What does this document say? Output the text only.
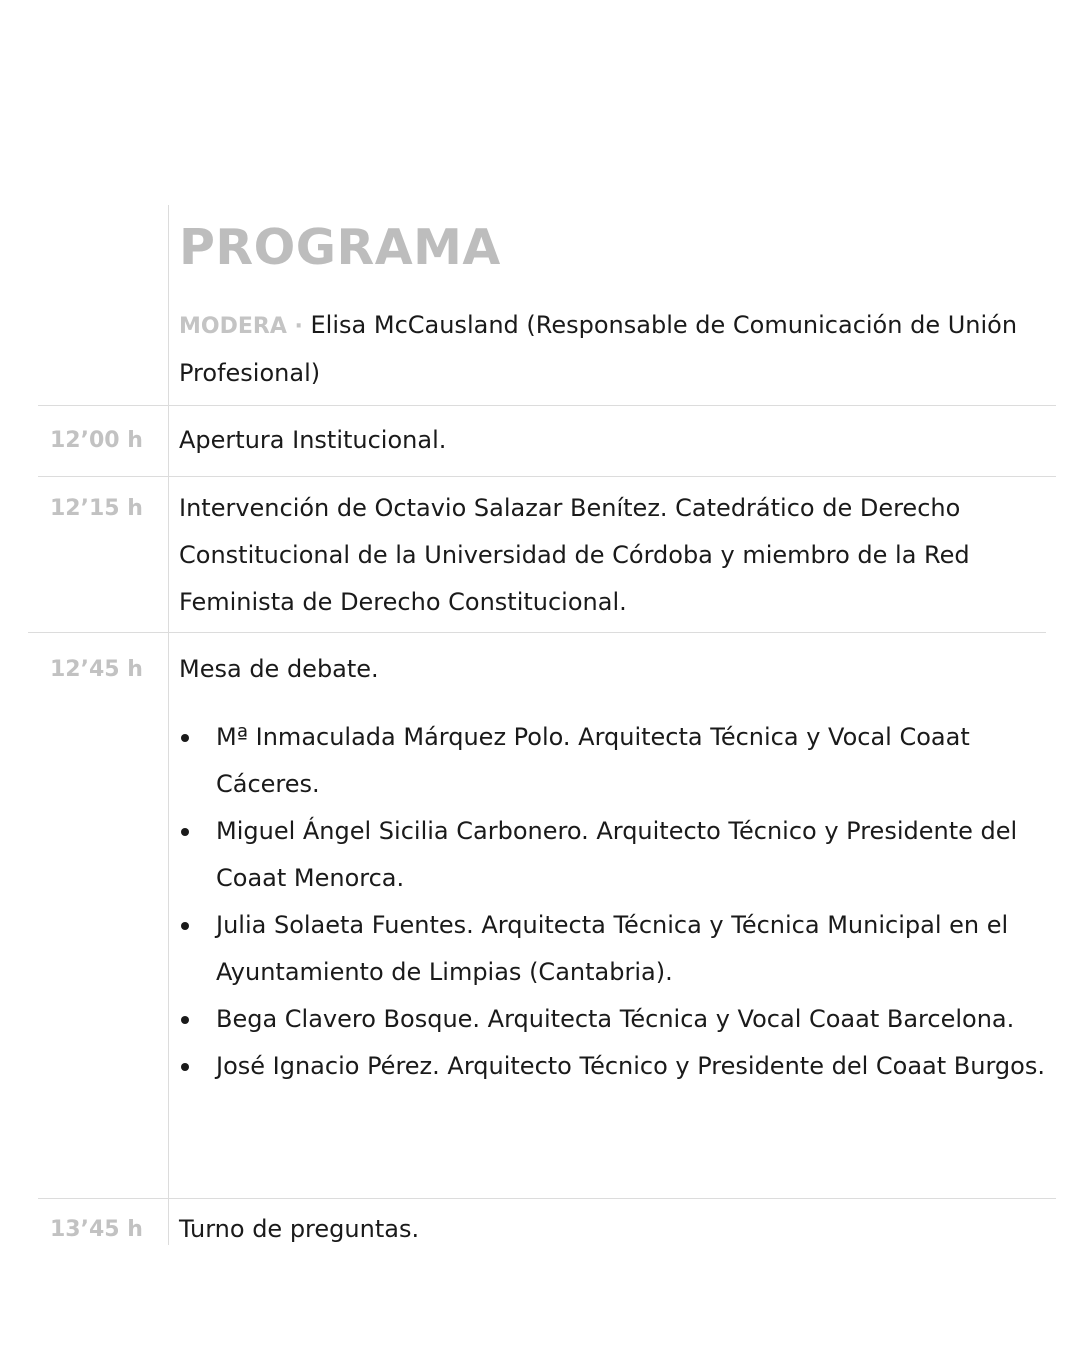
PROGRAMA
MODERA · Elisa McCausland (Responsable de Comunicación de Unión Profesional)
12’00 h Apertura Institucional.
12’15 h Intervención de Octavio Salazar Benítez. Catedrático de Derecho Constitucional de la Universidad de Córdoba y miembro de la Red Feminista de Derecho Constitucional.
12’45 h Mesa de debate.
Mª Inmaculada Márquez Polo. Arquitecta Técnica y Vocal Coaat Cáceres.
Miguel Ángel Sicilia Carbonero. Arquitecto Técnico y Presidente del Coaat Menorca.
Julia Solaeta Fuentes. Arquitecta Técnica y Técnica Municipal en el Ayuntamiento de Limpias (Cantabria).
Bega Clavero Bosque. Arquitecta Técnica y Vocal Coaat Barcelona.
José Ignacio Pérez. Arquitecto Técnico y Presidente del Coaat Burgos.
13’45 h Turno de preguntas.
